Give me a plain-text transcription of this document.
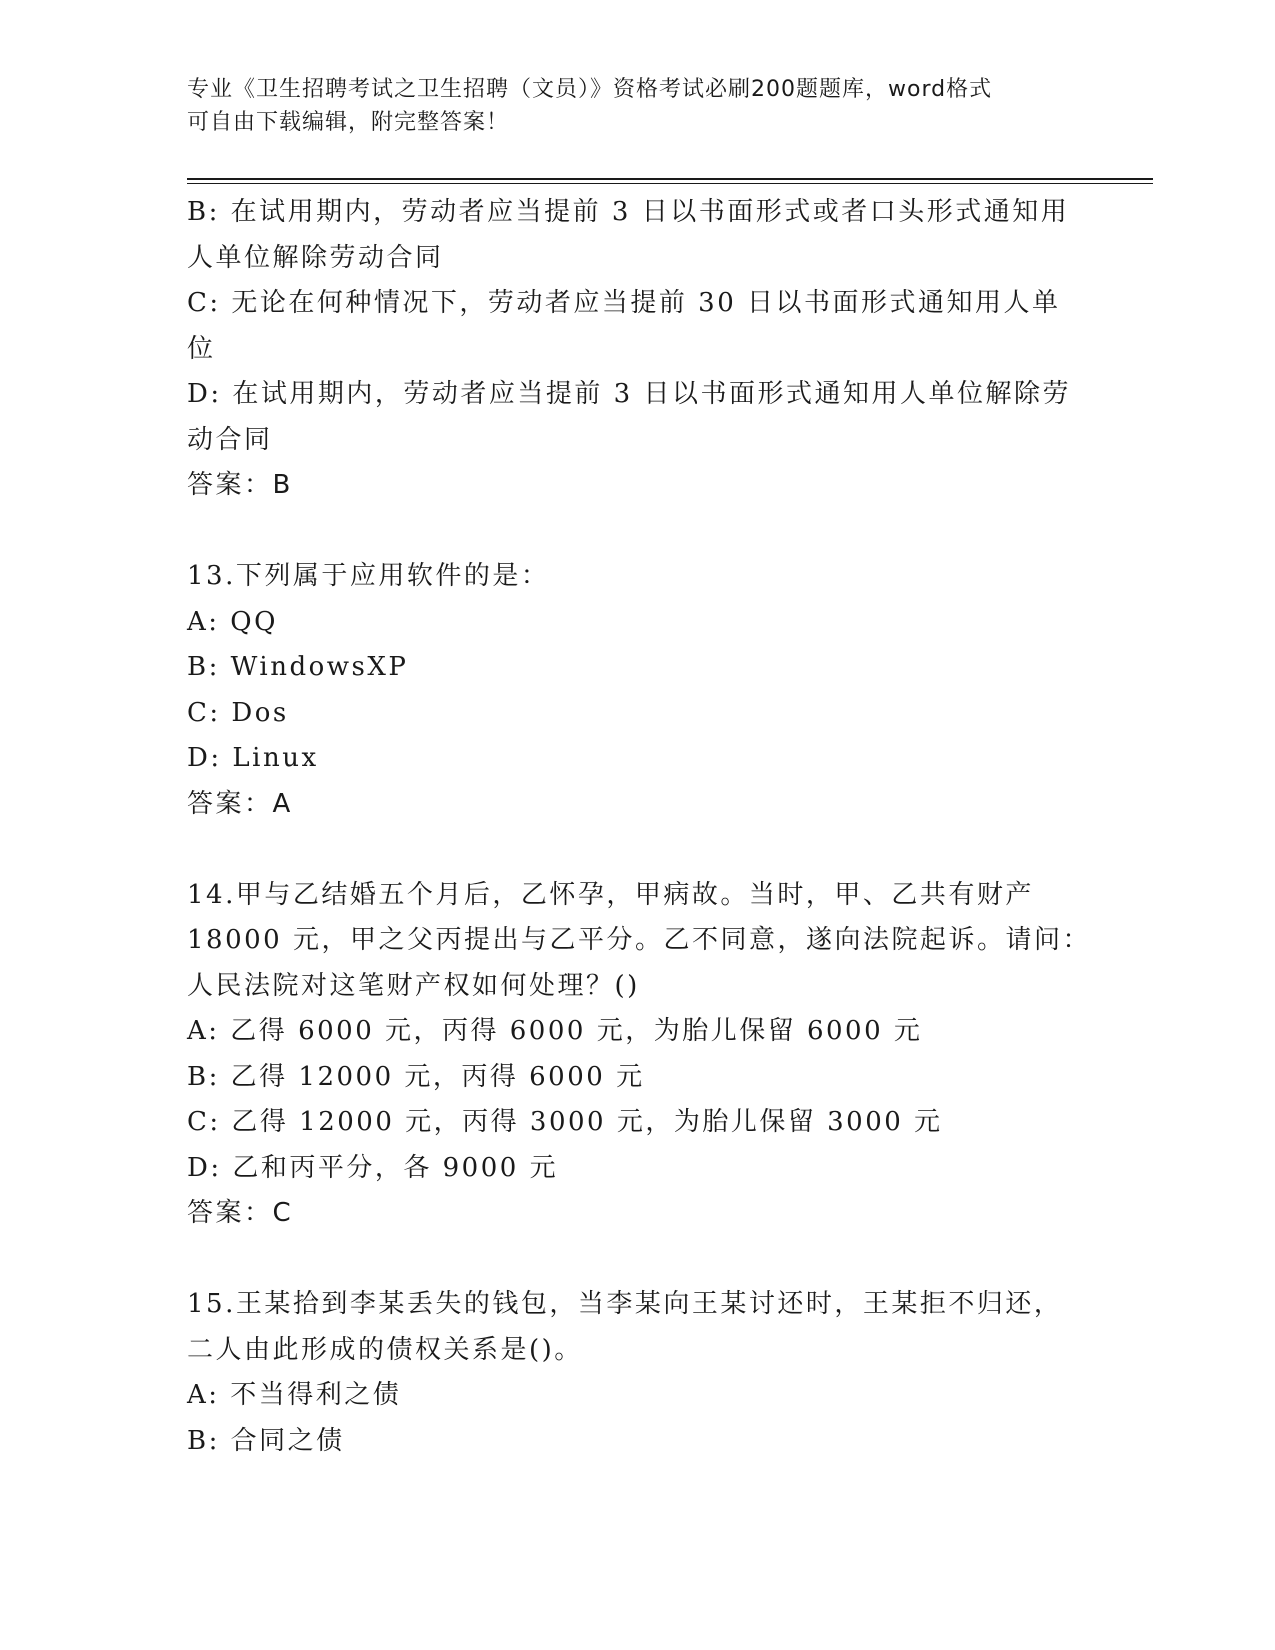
专业《卫生招聘考试之卫生招聘（文员）》资格考试必刷200题题库，word格式
可自由下载编辑，附完整答案！
B: 在试用期内，劳动者应当提前 3 日以书面形式或者口头形式通知用
人单位解除劳动合同
C: 无论在何种情况下，劳动者应当提前 30 日以书面形式通知用人单
位
D: 在试用期内，劳动者应当提前 3 日以书面形式通知用人单位解除劳
动合同
答案：B
13.下列属于应用软件的是：
A: QQ
B: WindowsXP
C: Dos
D: Linux
答案：A
14.甲与乙结婚五个月后，乙怀孕，甲病故。当时，甲、乙共有财产
18000 元，甲之父丙提出与乙平分。乙不同意，遂向法院起诉。请问：
人民法院对这笔财产权如何处理？()
A: 乙得 6000 元，丙得 6000 元，为胎儿保留 6000 元
B: 乙得 12000 元，丙得 6000 元
C: 乙得 12000 元，丙得 3000 元，为胎儿保留 3000 元
D: 乙和丙平分，各 9000 元
答案：C
15.王某拾到李某丢失的钱包，当李某向王某讨还时，王某拒不归还，
二人由此形成的债权关系是()。
A: 不当得利之债
B: 合同之债
